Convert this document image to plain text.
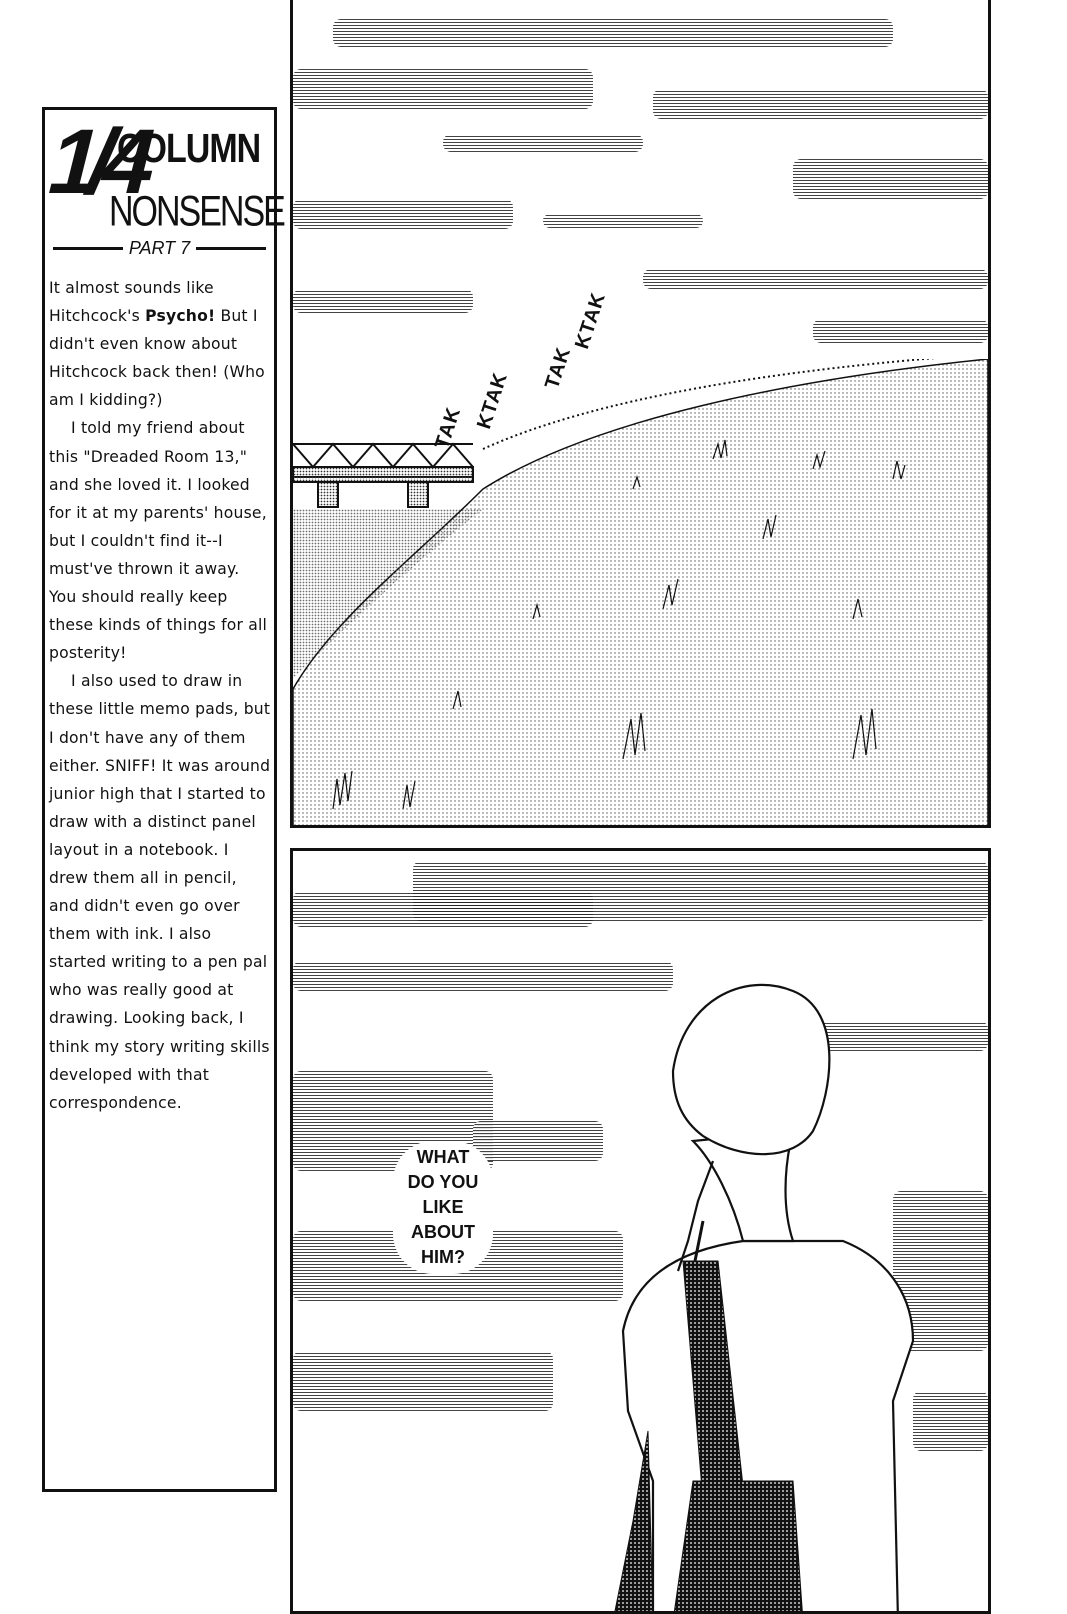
1/4
COLUMN
NONSENSE
PART 7

It almost sounds like Hitchcock's Psycho! But I didn't even know about Hitchcock back then! (Who am I kidding?)

I told my friend about this "Dreaded Room 13," and she loved it. I looked for it at my parents' house, but I couldn't find it--I must've thrown it away. You should really keep these kinds of things for all posterity!

I also used to draw in these little memo pads, but I don't have any of them either. SNIFF! It was around junior high that I started to draw with a distinct panel layout in a notebook. I drew them all in pencil, and didn't even go over them with ink. I also started writing to a pen pal who was really good at drawing. Looking back, I think my story writing skills developed with that correspondence.

TAK KTAK
TAK
KTAK
WHAT
DO YOU
LIKE
ABOUT
HIM?
